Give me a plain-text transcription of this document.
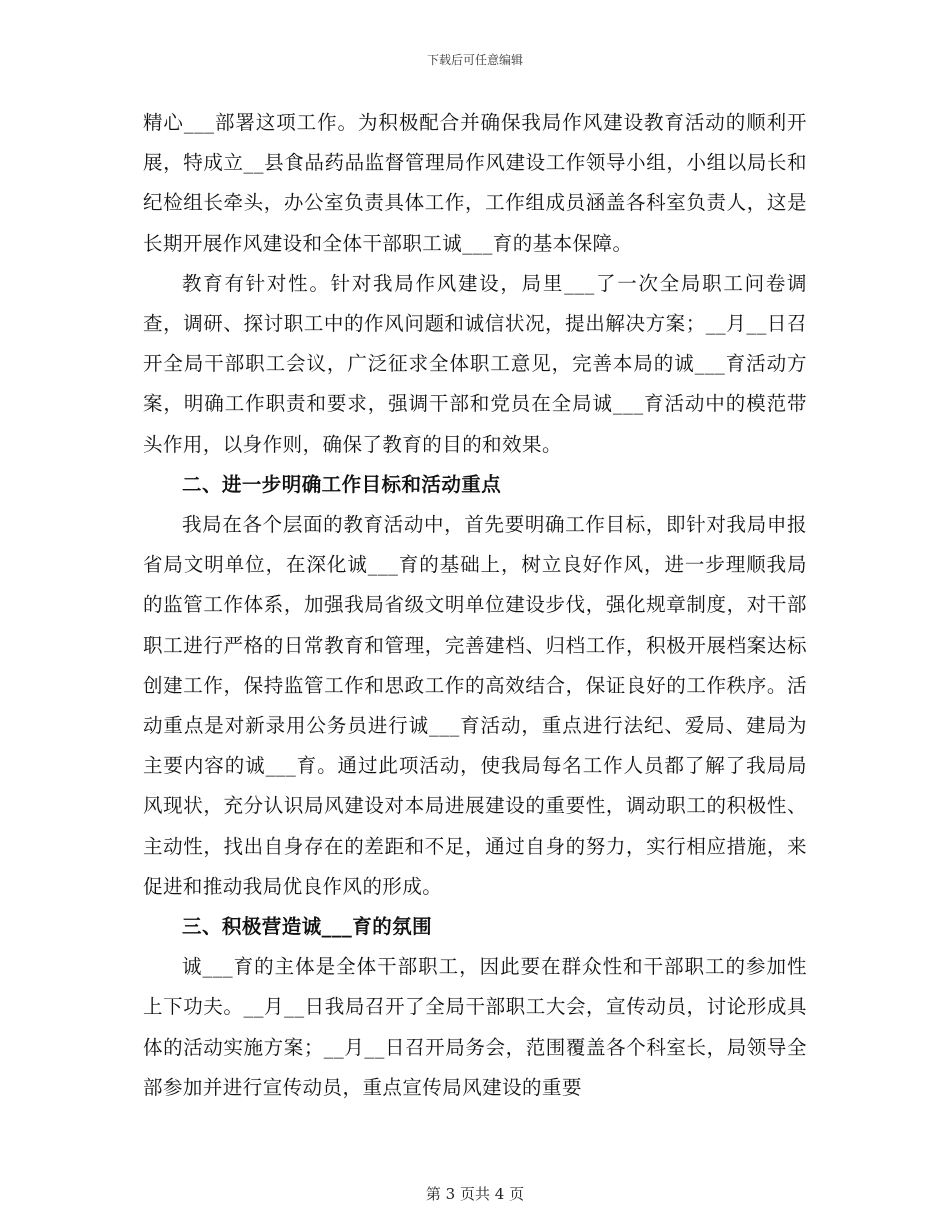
下载后可任意编辑

精心___部署这项工作。为积极配合并确保我局作风建设教育活动的顺利开展，特成立__县食品药品监督管理局作风建设工作领导小组，小组以局长和纪检组长牵头，办公室负责具体工作，工作组成员涵盖各科室负责人，这是长期开展作风建设和全体干部职工诚___育的基本保障。

教育有针对性。针对我局作风建设，局里___了一次全局职工问卷调查，调研、探讨职工中的作风问题和诚信状况，提出解决方案；__月__日召开全局干部职工会议，广泛征求全体职工意见，完善本局的诚___育活动方案，明确工作职责和要求，强调干部和党员在全局诚___育活动中的模范带头作用，以身作则，确保了教育的目的和效果。

二、进一步明确工作目标和活动重点

我局在各个层面的教育活动中，首先要明确工作目标，即针对我局申报省局文明单位，在深化诚___育的基础上，树立良好作风，进一步理顺我局的监管工作体系，加强我局省级文明单位建设步伐，强化规章制度，对干部职工进行严格的日常教育和管理，完善建档、归档工作，积极开展档案达标创建工作，保持监管工作和思政工作的高效结合，保证良好的工作秩序。活动重点是对新录用公务员进行诚___育活动，重点进行法纪、爱局、建局为主要内容的诚___育。通过此项活动，使我局每名工作人员都了解了我局局风现状，充分认识局风建设对本局进展建设的重要性，调动职工的积极性、主动性，找出自身存在的差距和不足，通过自身的努力，实行相应措施，来促进和推动我局优良作风的形成。

三、积极营造诚___育的氛围

诚___育的主体是全体干部职工，因此要在群众性和干部职工的参加性上下功夫。__月__日我局召开了全局干部职工大会，宣传动员，讨论形成具体的活动实施方案；__月__日召开局务会，范围覆盖各个科室长，局领导全部参加并进行宣传动员，重点宣传局风建设的重要

第 3 页共 4 页
